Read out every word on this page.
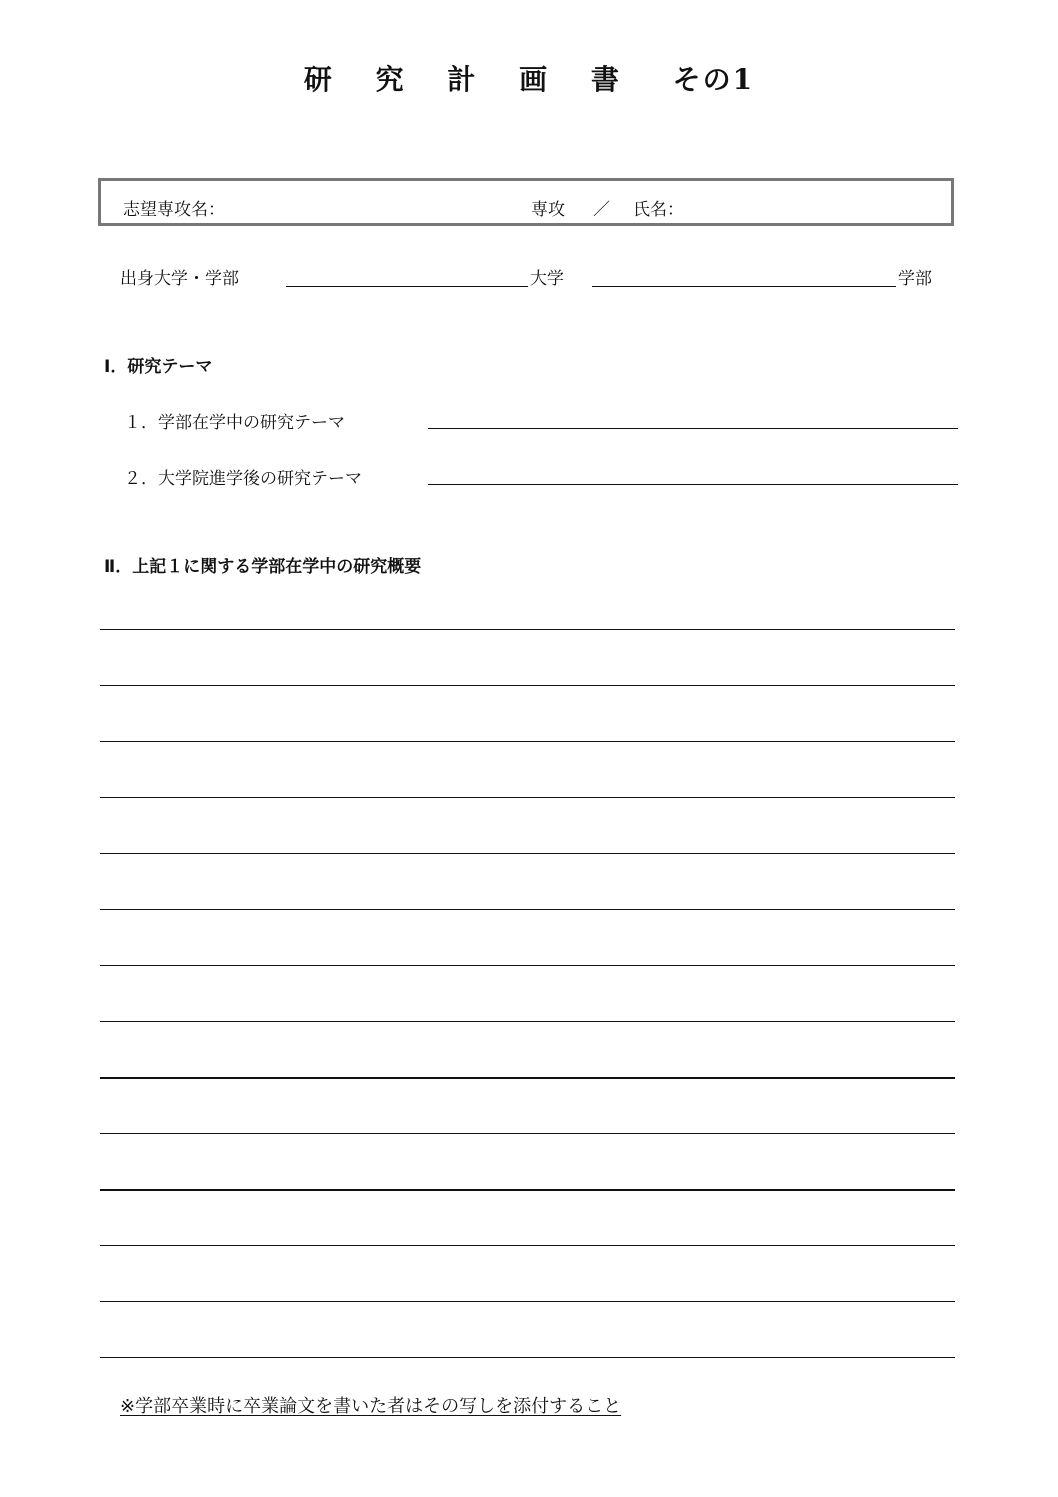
研 究 計 画 書 その1
志望専攻名：	専攻 ／ 氏名：
出身大学・学部	大学	学部
Ⅰ．研究テーマ
１．学部在学中の研究テーマ
２．大学院進学後の研究テーマ
Ⅱ．上記１に関する学部在学中の研究概要
※学部卒業時に卒業論文を書いた者はその写しを添付すること
